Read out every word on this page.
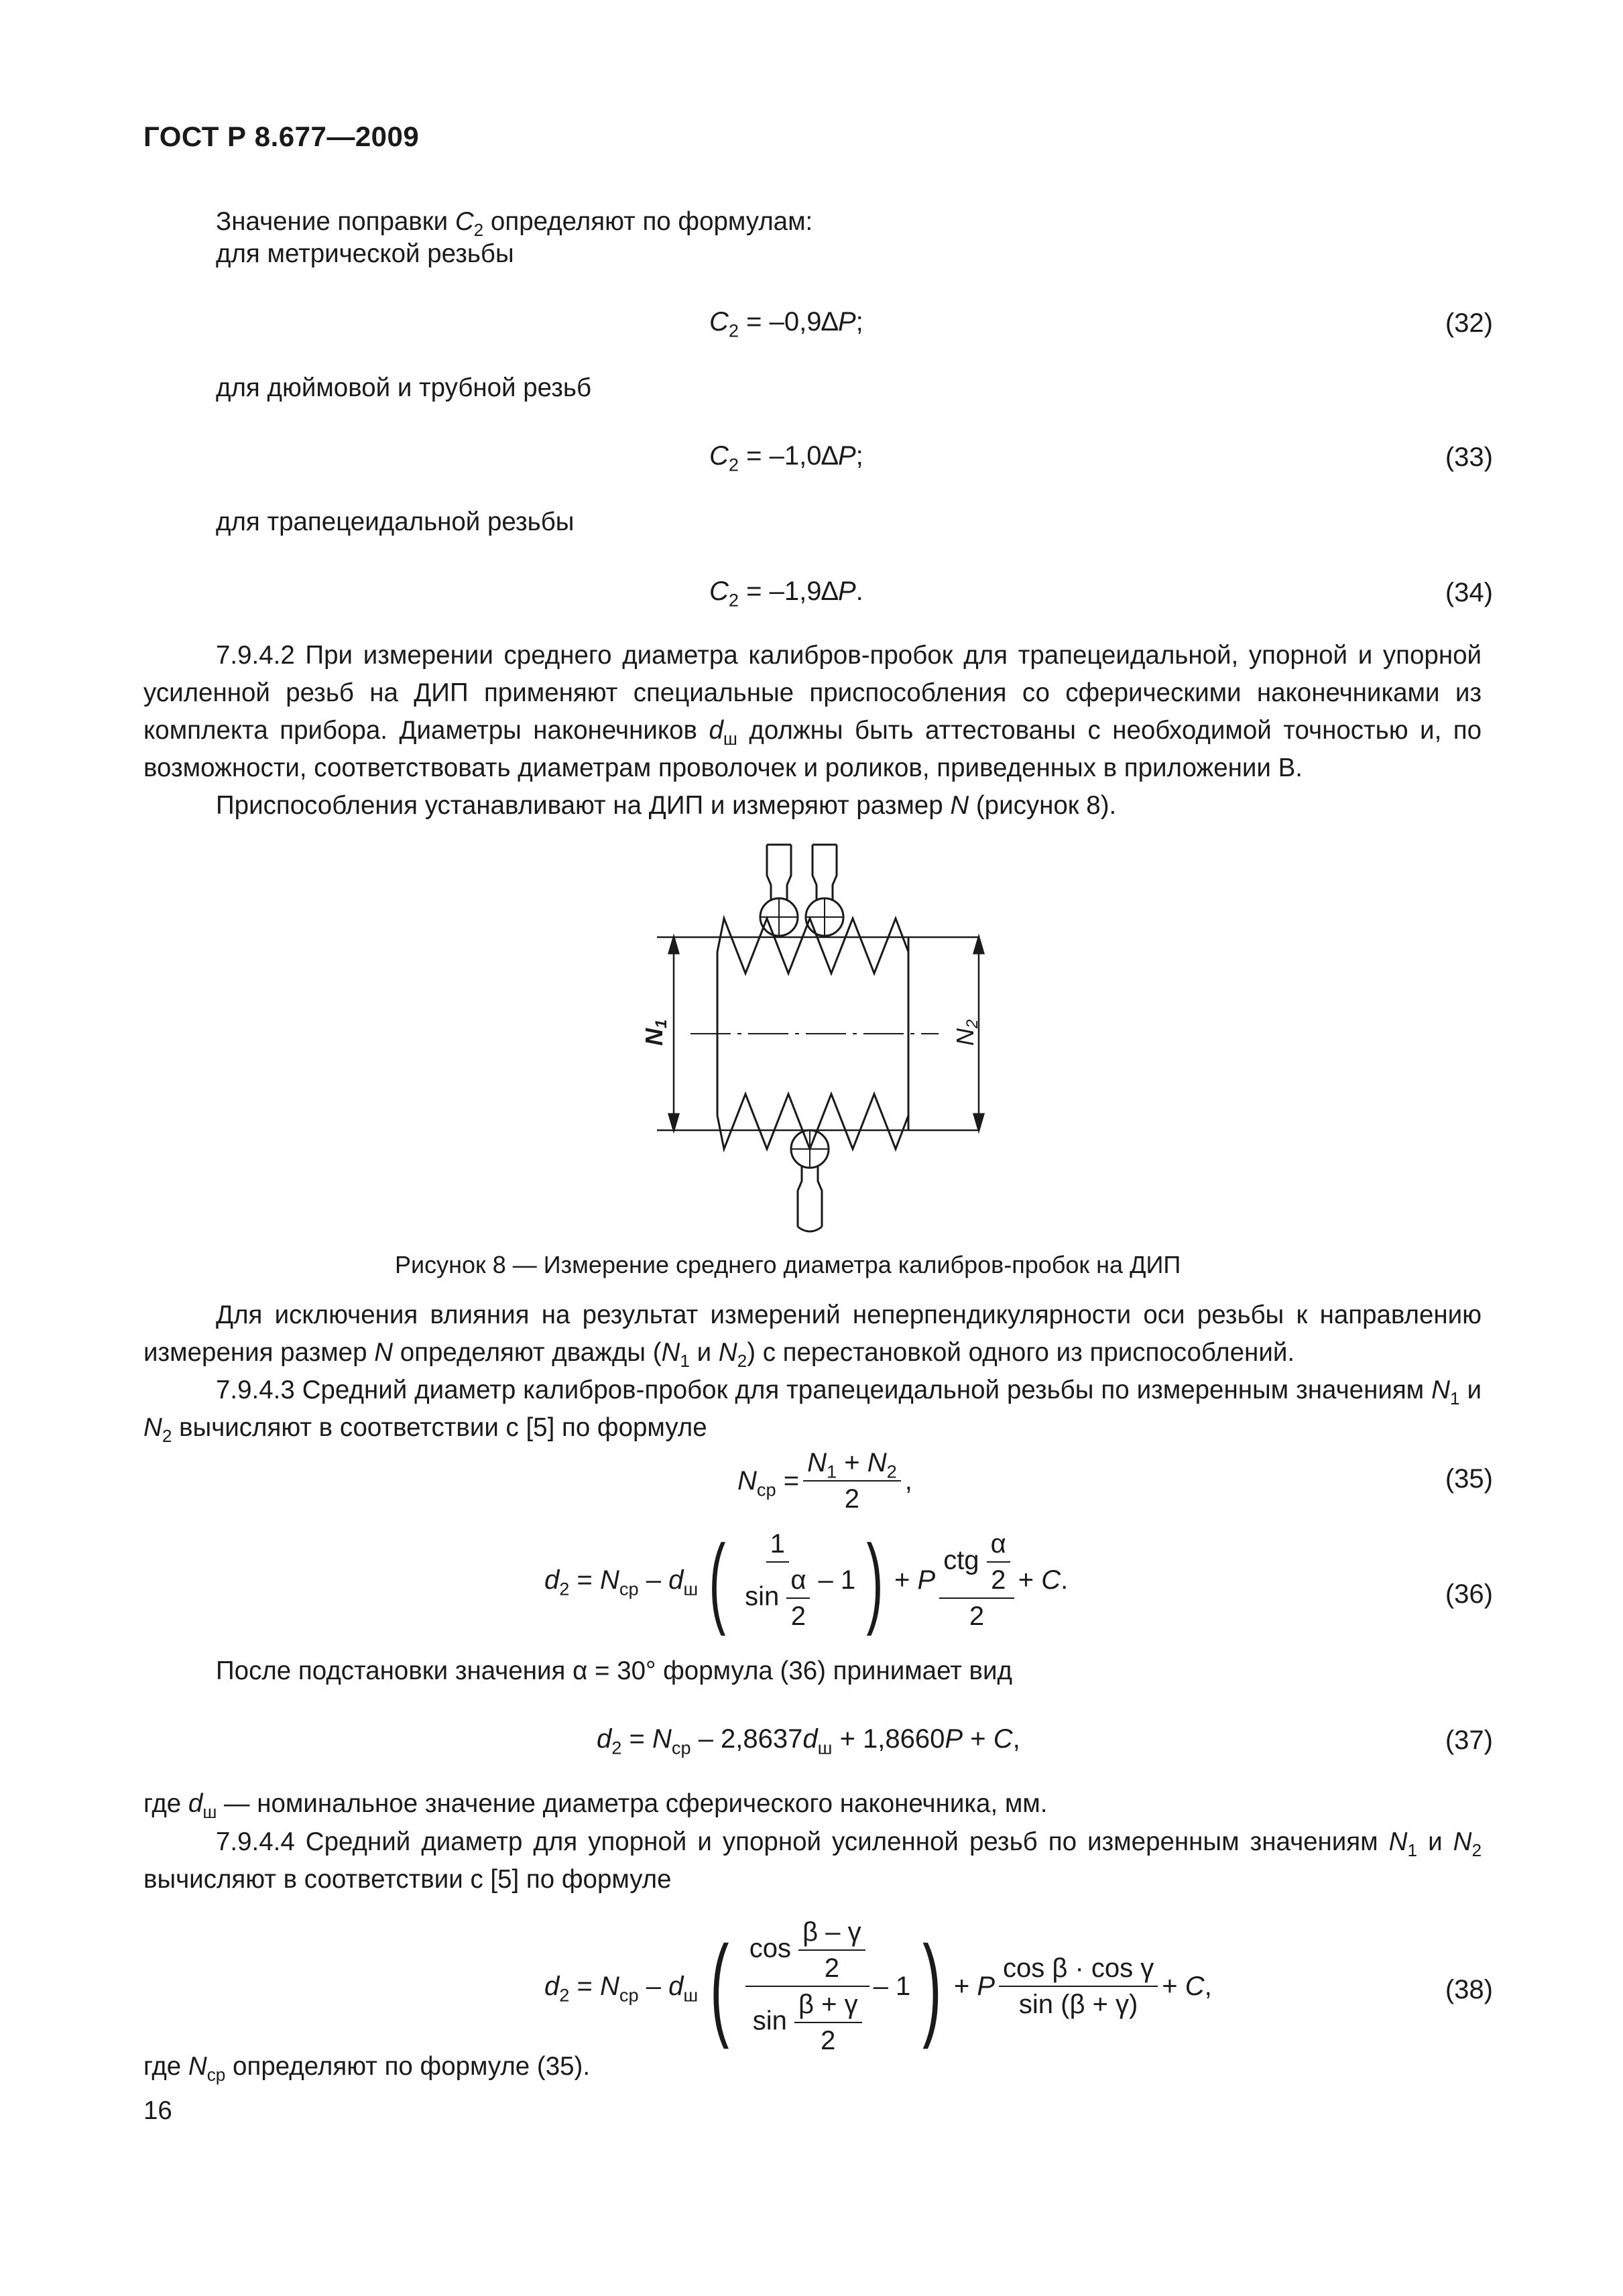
ГОСТ Р 8.677—2009
Значение поправки $C_2$ определяют по формулам:
для метрической резьбы
$C_2 = -0,9\Delta P$;	(32)
для дюймовой и трубной резьб
$C_2 = -1,0\Delta P$;	(33)
для трапецеидальной резьбы
$C_2 = -1,9\Delta P$.	(34)
7.9.4.2 При измерении среднего диаметра калибров-пробок для трапецеидальной, упорной и упорной усиленной резьб на ДИП применяют специальные приспособления со сферическими наконечниками из комплекта прибора. Диаметры наконечников $d_ш$ должны быть аттестованы с необходимой точностью и, по возможности, соответствовать диаметрам проволочек и роликов, приведенных в приложении В.
Приспособления устанавливают на ДИП и измеряют размер N (рисунок 8).
N1
N2
Рисунок 8 — Измерение среднего диаметра калибров-пробок на ДИП
Для исключения влияния на результат измерений неперпендикулярности оси резьбы к направлению измерения размер N определяют дважды ($N_1$ и $N_2$) с перестановкой одного из приспособлений.
7.9.4.3 Средний диаметр калибров-пробок для трапецеидальной резьбы по измеренным значениям $N_1$ и $N_2$ вычисляют в соответствии с [5] по формуле
$N_{ср} = \frac{N_1 + N_2}{2}$ ,	(35)
$d_2 = N_{ср} - d_ш$ ( $\frac{1}{\sin \frac{\alpha}{2}} - 1$ ) + P $\frac{ctg \frac{\alpha}{2}}{2} + C$.	(36)
После подстановки значения α = 30° формула (36) принимает вид
$d_2 = N_{ср} - 2,8637d_ш + 1,8660P + C$,	(37)
где $d_ш$ — номинальное значение диаметра сферического наконечника, мм.
7.9.4.4 Средний диаметр для упорной и упорной усиленной резьб по измеренным значениям $N_1$ и $N_2$ вычисляют в соответствии с [5] по формуле
$d_2 = N_{ср} - d_ш$ ( $\frac{\cos \frac{\beta - \gamma}{2}}{\sin \frac{\beta + \gamma}{2}} - 1$ ) + P $\frac{\text{cos β · cos γ}}{\sin (\beta + \gamma)} + C$,	(38)
где $N_{ср}$ определяют по формуле (35).
16
